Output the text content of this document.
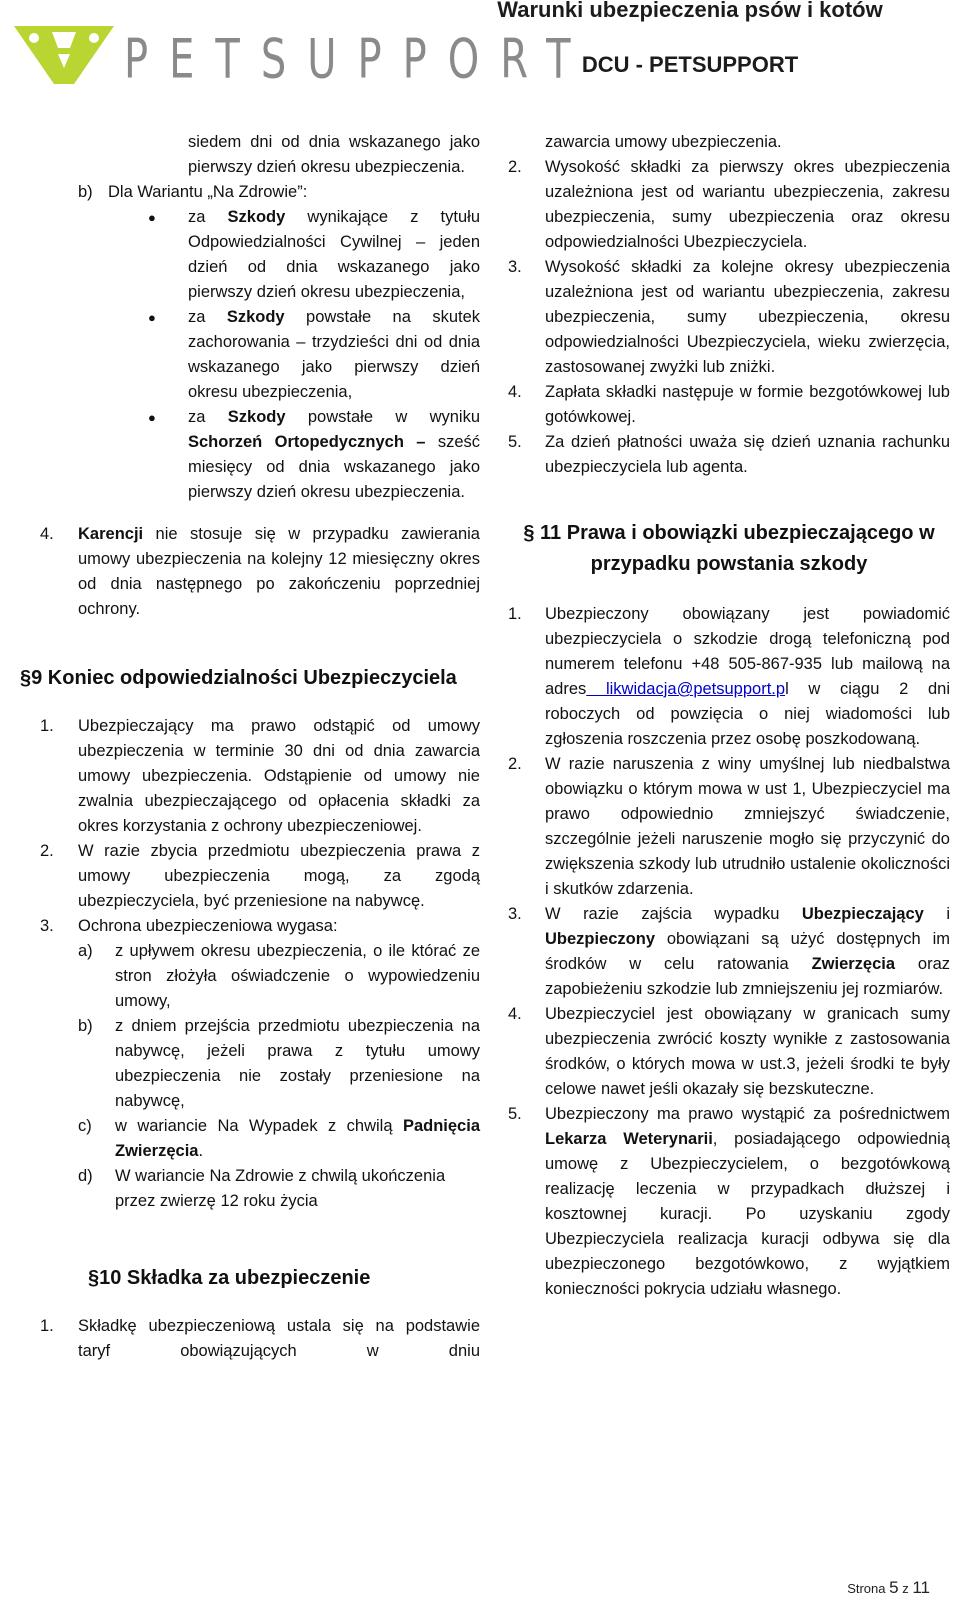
PETSUPPORT
Warunki ubezpieczenia psów i kotów
DCU - PETSUPPORT

siedem dni od dnia wskazanego jako pierwszy dzień okresu ubezpieczenia.

b) Dla Wariantu „Na Zdrowie”:
●	za Szkody wynikające z tytułu Odpowiedzialności Cywilnej – jeden dzień od dnia wskazanego jako pierwszy dzień okresu ubezpieczenia,
●	za Szkody powstałe na skutek zachorowania – trzydzieści dni od dnia wskazanego jako pierwszy dzień okresu ubezpieczenia,
●	za Szkody powstałe w wyniku Schorzeń Ortopedycznych – sześć miesięcy od dnia wskazanego jako pierwszy dzień okresu ubezpieczenia.
4.	Karencji nie stosuje się w przypadku zawierania umowy ubezpieczenia na kolejny 12 miesięczny okres od dnia następnego po zakończeniu poprzedniej ochrony.
§9 Koniec odpowiedzialności Ubezpieczyciela
1.	Ubezpieczający ma prawo odstąpić od umowy ubezpieczenia w terminie 30 dni od dnia zawarcia umowy ubezpieczenia. Odstąpienie od umowy nie zwalnia ubezpieczającego od opłacenia składki za okres korzystania z ochrony ubezpieczeniowej.
2.	W razie zbycia przedmiotu ubezpieczenia prawa z umowy ubezpieczenia mogą, za zgodą ubezpieczyciela, być przeniesione na nabywcę.
3.	Ochrona ubezpieczeniowa wygasa:
a)	z upływem okresu ubezpieczenia, o ile którać ze stron złożyła oświadczenie o wypowiedzeniu umowy,
b)	z dniem przejścia przedmiotu ubezpieczenia na nabywcę, jeżeli prawa z tytułu umowy ubezpieczenia nie zostały przeniesione na nabywcę,
c)	w wariancie Na Wypadek z chwilą Padnięcia Zwierzęcia.
d)	W wariancie Na Zdrowie z chwilą ukończenia przez zwierzę 12 roku życia
§10 Składka za ubezpieczenie
1.	Składkę ubezpieczeniową ustala się na podstawie taryf obowiązujących w dniu

zawarcia umowy ubezpieczenia.

2.	Wysokość składki za pierwszy okres ubezpieczenia uzależniona jest od wariantu ubezpieczenia, zakresu ubezpieczenia, sumy ubezpieczenia oraz okresu odpowiedzialności Ubezpieczyciela.
3.	Wysokość składki za kolejne okresy ubezpieczenia uzależniona jest od wariantu ubezpieczenia, zakresu ubezpieczenia, sumy ubezpieczenia, okresu odpowiedzialności Ubezpieczyciela, wieku zwierzęcia, zastosowanej zwyżki lub zniżki.
4.	Zapłata składki następuje w formie bezgotówkowej lub gotówkowej.
5.	Za dzień płatności uważa się dzień uznania rachunku ubezpieczyciela lub agenta.
§ 11 Prawa i obowiązki ubezpieczającego w
przypadku powstania szkody
1.	Ubezpieczony obowiązany jest powiadomić ubezpieczyciela o szkodzie drogą telefoniczną pod numerem telefonu +48 505-867-935 lub mailową na adres likwidacja@petsupport.pl w ciągu 2 dni roboczych od powzięcia o niej wiadomości lub zgłoszenia roszczenia przez osobę poszkodowaną.
2.	W razie naruszenia z winy umyślnej lub niedbalstwa obowiązku o którym mowa w ust 1, Ubezpieczyciel ma prawo odpowiednio zmniejszyć świadczenie, szczególnie jeżeli naruszenie mogło się przyczynić do zwiększenia szkody lub utrudniło ustalenie okoliczności i skutków zdarzenia.
3.	W razie zajścia wypadku Ubezpieczający i Ubezpieczony obowiązani są użyć dostępnych im środków w celu ratowania Zwierzęcia oraz zapobieżeniu szkodzie lub zmniejszeniu jej rozmiarów.
4.	Ubezpieczyciel jest obowiązany w granicach sumy ubezpieczenia zwrócić koszty wynikłe z zastosowania środków, o których mowa w ust.3, jeżeli środki te były celowe nawet jeśli okazały się bezskuteczne.
5.	Ubezpieczony ma prawo wystąpić za pośrednictwem Lekarza Weterynarii, posiadającego odpowiednią umowę z Ubezpieczycielem, o bezgotówkową realizację leczenia w przypadkach dłuższej i kosztownej kuracji. Po uzyskaniu zgody Ubezpieczyciela realizacja kuracji odbywa się dla ubezpieczonego bezgotówkowo, z wyjątkiem konieczności pokrycia udziału własnego.
Strona 5 z 11
